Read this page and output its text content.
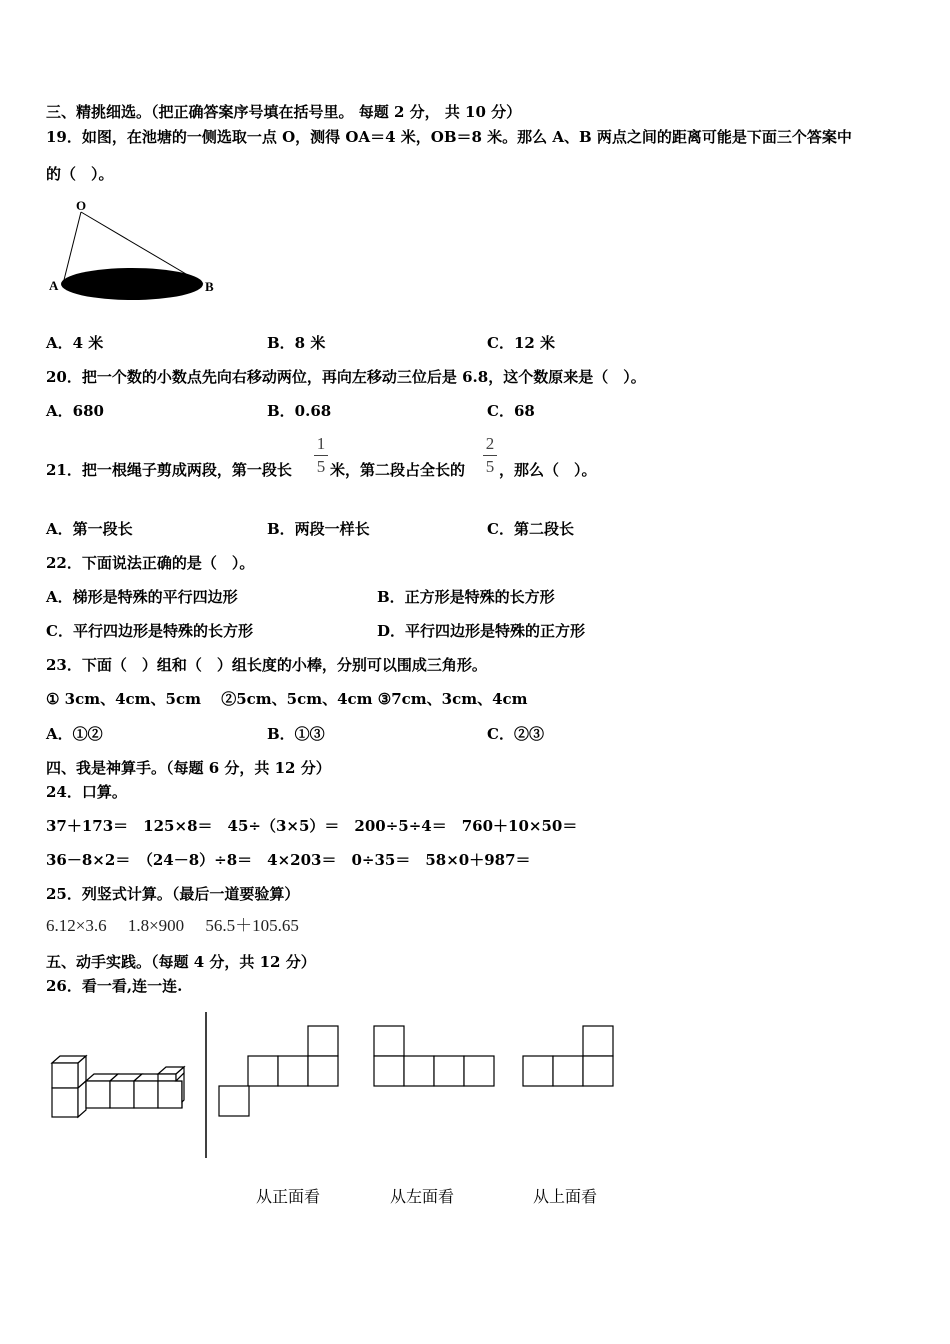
三、精挑细选。（把正确答案序号填在括号里。 每题 2 分， 共 10 分）
19．如图，在池塘的一侧选取一点 O，测得 OA＝4 米，OB＝8 米。那么 A、B 两点之间的距离可能是下面三个答案中
的（　）。
O
A	B
A．4 米	B．8 米	C．12 米
20．把一个数的小数点先向右移动两位，再向左移动三位后是 6.8，这个数原来是（　）。
A．680	B．0.68	C．68
21．把一根绳子剪成两段，第一段长
1
5 米，第二段占全长的
2
5 ，那么（　）。
A．第一段长	B．两段一样长	C．第二段长
22．下面说法正确的是（　）。
A．梯形是特殊的平行四边形	B．正方形是特殊的长方形
C．平行四边形是特殊的长方形	D．平行四边形是特殊的正方形
23．下面（　）组和（　）组长度的小棒，分别可以围成三角形。
① 3cm、4cm、5cm　 ②5cm、5cm、4cm ③7cm、3cm、4cm
A．①②	B．①③	C．②③
四、我是神算手。（每题 6 分，共 12 分）
24．口算。
37＋173＝　125×8＝　45÷（3×5）＝　200÷5÷4＝　760＋10×50＝
36－8×2＝　（24－8）÷8＝　4×203＝　0÷35＝　58×0＋987＝
25．列竖式计算。（最后一道要验算）
6.12×3.6　 1.8×900　 56.5＋105.65
五、动手实践。（每题 4 分，共 12 分）
26．看一看,连一连.
从正面看	从左面看	从上面看
